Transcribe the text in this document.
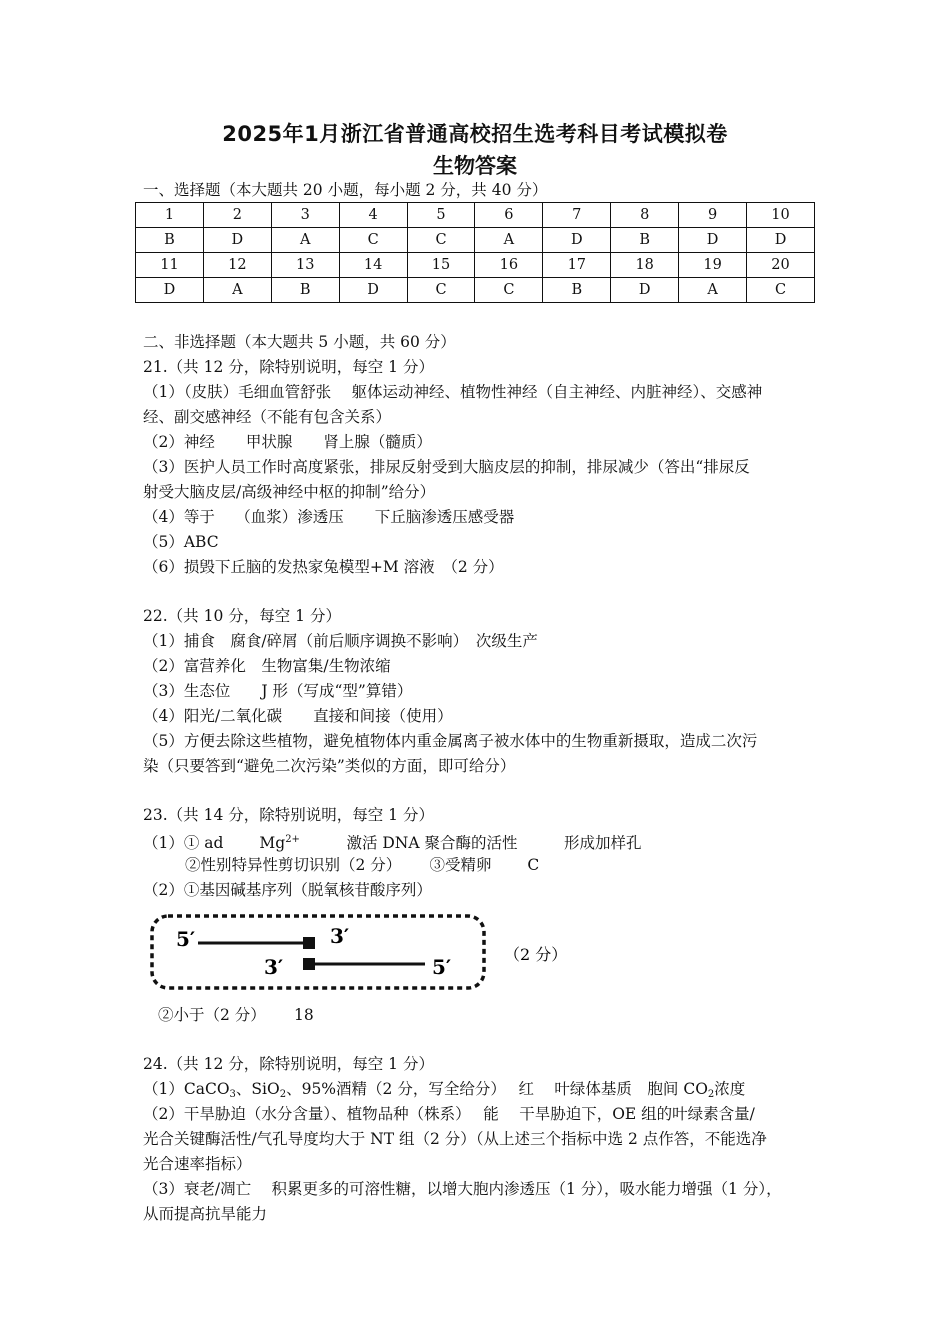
2025年1月浙江省普通高校招生选考科目考试模拟卷
生物答案
一、选择题（本大题共 20 小题，每小题 2 分，共 40 分）
1	2	3	4	5	6	7	8	9	10
B	D	A	C	C	A	D	B	D	D
11	12	13	14	15	16	17	18	19	20
D	A	B	D	C	C	B	D	A	C
二、非选择题（本大题共 5 小题，共 60 分）
21.（共 12 分，除特别说明，每空 1 分）
（1）（皮肤）毛细血管舒张　 躯体运动神经、植物性神经（自主神经、内脏神经）、交感神
经、副交感神经（不能有包含关系）
（2）神经　　甲状腺　　肾上腺（髓质）
（3）医护人员工作时高度紧张，排尿反射受到大脑皮层的抑制，排尿减少（答出“排尿反
射受大脑皮层/高级神经中枢的抑制”给分）
（4）等于　 （血浆）渗透压　　下丘脑渗透压感受器
（5）ABC
（6）损毁下丘脑的发热家兔模型+M 溶液　（2 分）
22.（共 10 分，每空 1 分）
（1）捕食　腐食/碎屑（前后顺序调换不影响）　次级生产
（2）富营养化　生物富集/生物浓缩
（3）生态位　　J 形（写成“型”算错）
（4）阳光/二氧化碳　　直接和间接（使用）
（5）方便去除这些植物，避免植物体内重金属离子被水体中的生物重新摄取，造成二次污
染（只要答到“避免二次污染”类似的方面，即可给分）
23.（共 14 分，除特别说明，每空 1 分）
（1）① ad　　 $Mg^{2+}$　　　激活 DNA 聚合酶的活性　　　形成加样孔
②性别特异性剪切识别（2 分）　　 ③受精卵　　 C
（2）①基因碱基序列（脱氧核苷酸序列）
5′	3′
3′	5′
（2 分）
②小于（2 分）　　 18
24.（共 12 分，除特别说明，每空 1 分）
（1）CaCO$_3$、SiO$_2$、95%酒精（2 分，写全给分）　 红　 叶绿体基质　胞间 $CO_2$浓度
（2）干旱胁迫（水分含量）、植物品种（株系）　 能　 干旱胁迫下，OE 组的叶绿素含量/
光合关键酶活性/气孔导度均大于 NT 组（2 分）（从上述三个指标中选 2 点作答，不能选净
光合速率指标）
（3）衰老/凋亡　 积累更多的可溶性糖，以增大胞内渗透压（1 分），吸水能力增强（1 分），
从而提高抗旱能力
